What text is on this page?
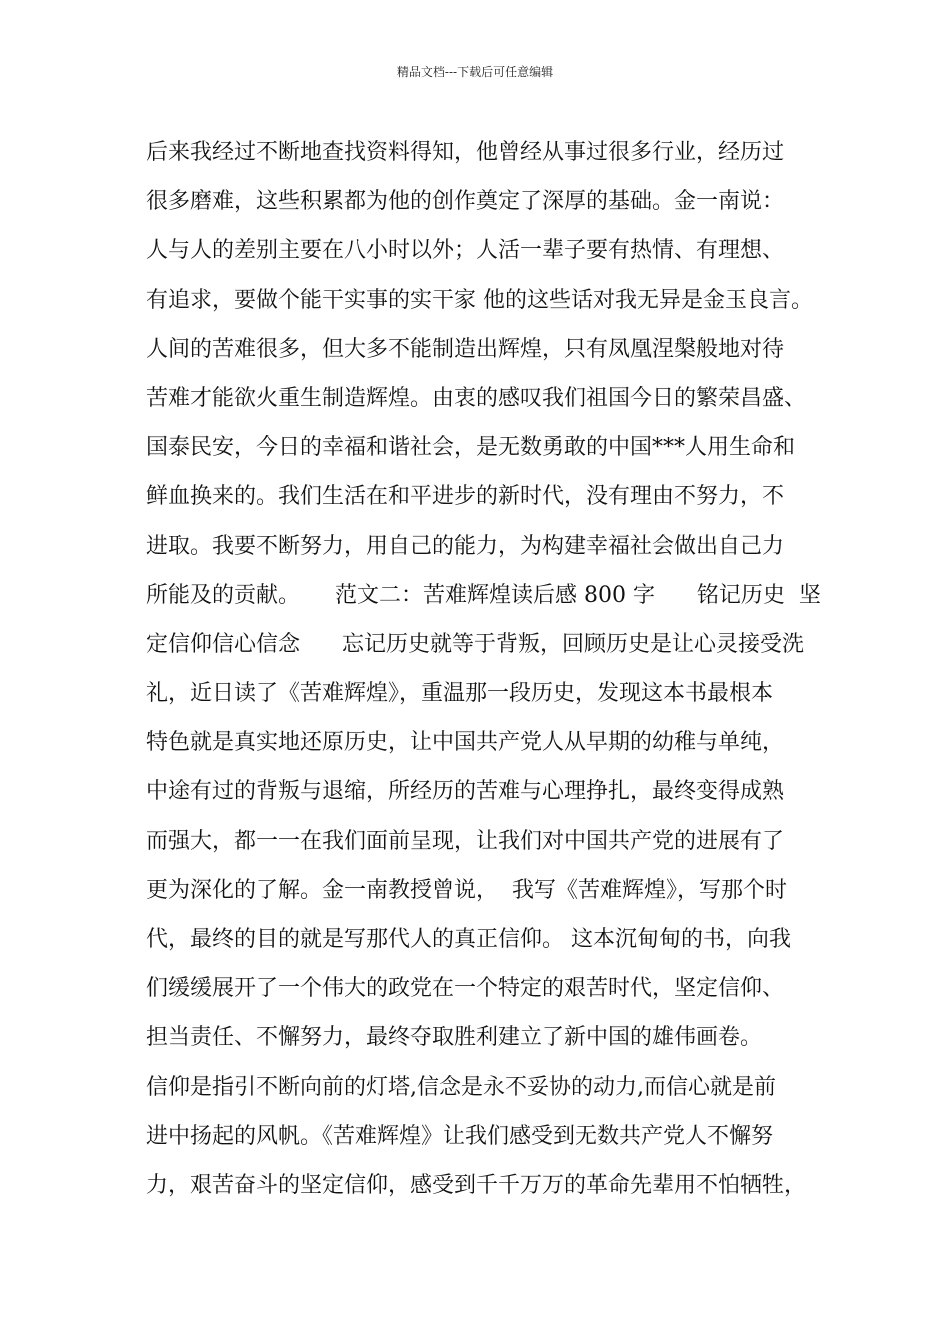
精品文档---下载后可任意编辑
后来我经过不断地查找资料得知，他曾经从事过很多行业，经历过
很多磨难，这些积累都为他的创作奠定了深厚的基础。金一南说：
人与人的差别主要在八小时以外；人活一辈子要有热情、有理想、
有追求，要做个能干实事的实干家 他的这些话对我无异是金玉良言。
人间的苦难很多，但大多不能制造出辉煌，只有凤凰涅槃般地对待
苦难才能欲火重生制造辉煌。由衷的感叹我们祖国今日的繁荣昌盛、
国泰民安，今日的幸福和谐社会，是无数勇敢的中国***人用生命和
鲜血换来的。我们生活在和平进步的新时代，没有理由不努力，不
进取。我要不断努力，用自己的能力，为构建幸福社会做出自己力
所能及的贡献。     范文二：苦难辉煌读后感 800 字      铭记历史  坚
定信仰信心信念      忘记历史就等于背叛，回顾历史是让心灵接受洗
礼，近日读了《苦难辉煌》，重温那一段历史，发现这本书最根本
特色就是真实地还原历史，让中国共产党人从早期的幼稚与单纯，
中途有过的背叛与退缩，所经历的苦难与心理挣扎，最终变得成熟
而强大，都一一在我们面前呈现，让我们对中国共产党的进展有了
更为深化的了解。金一南教授曾说，  我写《苦难辉煌》，写那个时
代，最终的目的就是写那代人的真正信仰。 这本沉甸甸的书，向我
们缓缓展开了一个伟大的政党在一个特定的艰苦时代，坚定信仰、
担当责任、不懈努力，最终夺取胜利建立了新中国的雄伟画卷。
信仰是指引不断向前的灯塔,信念是永不妥协的动力,而信心就是前
进中扬起的风帆。《苦难辉煌》让我们感受到无数共产党人不懈努
力，艰苦奋斗的坚定信仰，感受到千千万万的革命先辈用不怕牺牲，
